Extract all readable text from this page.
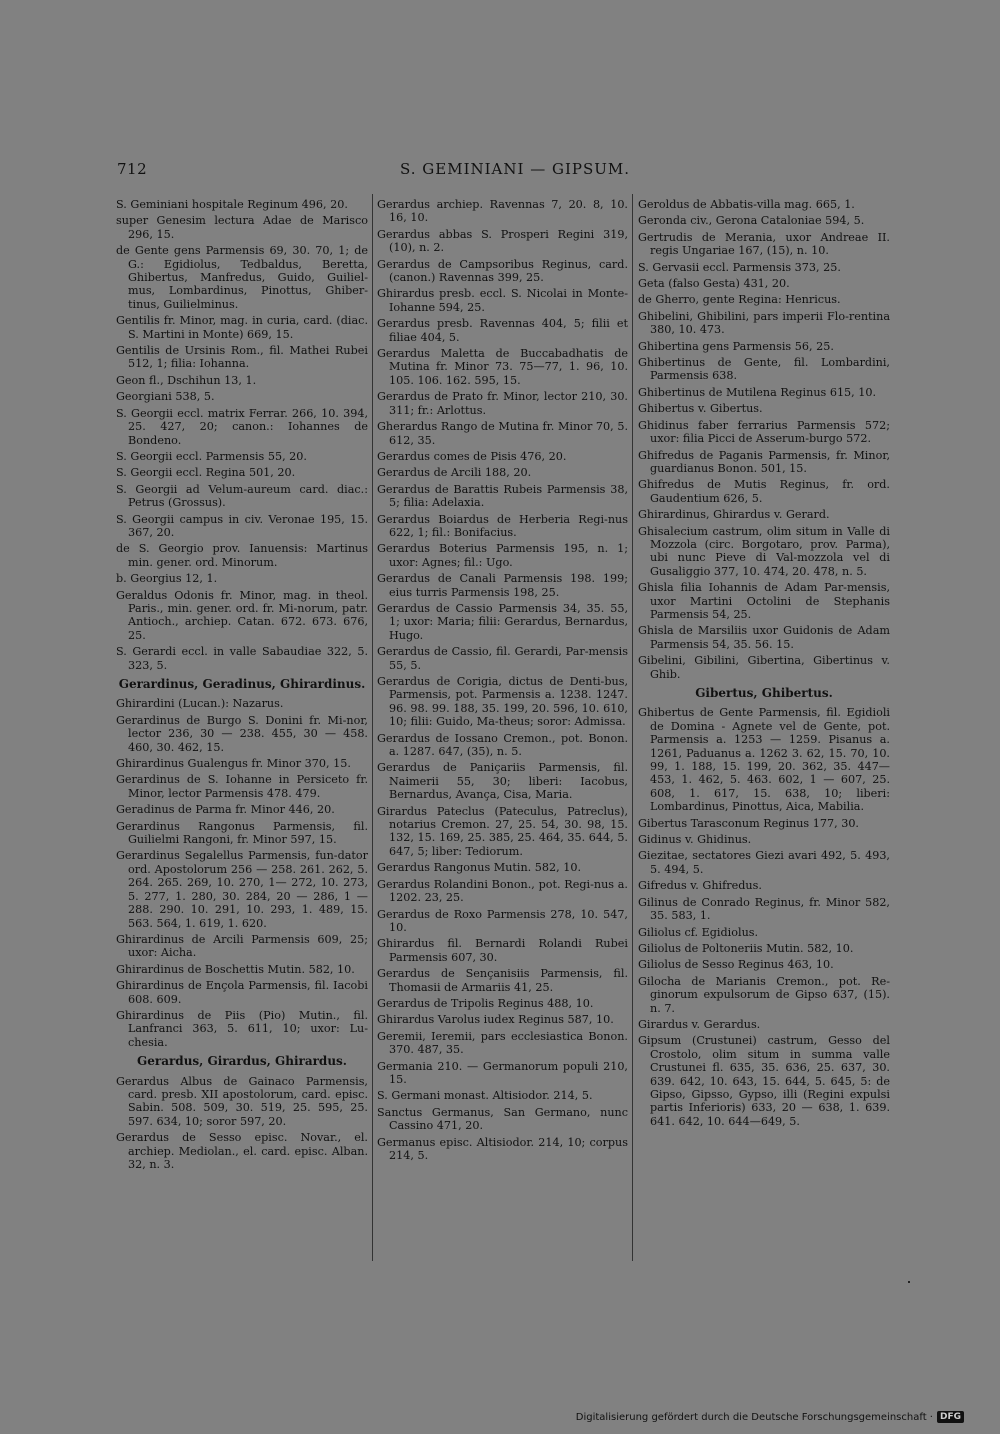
712	S. GEMINIANI — GIPSUM.
S. Geminiani hospitale Reginum 496, 20.
super Genesim lectura Adae de Marisco 296, 15.
de Gente gens Parmensis 69, 30. 70, 1; de G.: Egidiolus, Tedbaldus, Beretta, Ghibertus, Manfredus, Guido, Guiliel-mus, Lombardinus, Pinottus, Ghiber-tinus, Guilielminus.
Gentilis fr. Minor, mag. in curia, card. (diac. S. Martini in Monte) 669, 15.
Gentilis de Ursinis Rom., fil. Mathei Rubei 512, 1; filia: Iohanna.
Geon fl., Dschihun 13, 1.
Georgiani 538, 5.
S. Georgii eccl. matrix Ferrar. 266, 10. 394, 25. 427, 20; canon.: Iohannes de Bondeno.
S. Georgii eccl. Parmensis 55, 20.
S. Georgii eccl. Regina 501, 20.
S. Georgii ad Velum-aureum card. diac.: Petrus (Grossus).
S. Georgii campus in civ. Veronae 195, 15. 367, 20.
de S. Georgio prov. Ianuensis: Martinus min. gener. ord. Minorum.
b. Georgius 12, 1.
Geraldus Odonis fr. Minor, mag. in theol. Paris., min. gener. ord. fr. Mi-norum, patr. Antioch., archiep. Catan. 672. 673. 676, 25.
S. Gerardi eccl. in valle Sabaudiae 322, 5. 323, 5.
Gerardinus, Geradinus, Ghirardinus.
Ghirardini (Lucan.): Nazarus.
Gerardinus de Burgo S. Donini fr. Mi-nor, lector 236, 30 — 238. 455, 30 — 458. 460, 30. 462, 15.
Ghirardinus Gualengus fr. Minor 370, 15.
Gerardinus de S. Iohanne in Persiceto fr. Minor, lector Parmensis 478. 479.
Geradinus de Parma fr. Minor 446, 20.
Gerardinus Rangonus Parmensis, fil. Guilielmi Rangoni, fr. Minor 597, 15.
Gerardinus Segalellus Parmensis, fun-dator ord. Apostolorum 256 — 258. 261. 262, 5. 264. 265. 269, 10. 270, 1— 272, 10. 273, 5. 277, 1. 280, 30. 284, 20 — 286, 1 — 288. 290. 10. 291, 10. 293, 1. 489, 15. 563. 564, 1. 619, 1. 620.
Ghirardinus de Arcili Parmensis 609, 25; uxor: Aicha.
Ghirardinus de Boschettis Mutin. 582, 10.
Ghirardinus de Ençola Parmensis, fil. Iacobi 608. 609.
Ghirardinus de Piis (Pio) Mutin., fil. Lanfranci 363, 5. 611, 10; uxor: Lu-chesia.
Gerardus, Girardus, Ghirardus.
Gerardus Albus de Gainaco Parmensis, card. presb. XII apostolorum, card. episc. Sabin. 508. 509, 30. 519, 25. 595, 25. 597. 634, 10; soror 597, 20.
Gerardus de Sesso episc. Novar., el. archiep. Mediolan., el. card. episc. Alban. 32, n. 3.
Gerardus archiep. Ravennas 7, 20. 8, 10. 16, 10.
Gerardus abbas S. Prosperi Regini 319, (10), n. 2.
Gerardus de Campsoribus Reginus, card. (canon.) Ravennas 399, 25.
Ghirardus presb. eccl. S. Nicolai in Monte-Iohanne 594, 25.
Gerardus presb. Ravennas 404, 5; filii et filiae 404, 5.
Gerardus Maletta de Buccabadhatis de Mutina fr. Minor 73. 75—77, 1. 96, 10. 105. 106. 162. 595, 15.
Gerardus de Prato fr. Minor, lector 210, 30. 311; fr.: Arlottus.
Gherardus Rango de Mutina fr. Minor 70, 5. 612, 35.
Gerardus comes de Pisis 476, 20.
Gerardus de Arcili 188, 20.
Gerardus de Barattis Rubeis Parmensis 38, 5; filia: Adelaxia.
Gerardus Boiardus de Herberia Regi-nus 622, 1; fil.: Bonifacius.
Gerardus Boterius Parmensis 195, n. 1; uxor: Agnes; fil.: Ugo.
Gerardus de Canali Parmensis 198. 199; eius turris Parmensis 198, 25.
Gerardus de Cassio Parmensis 34, 35. 55, 1; uxor: Maria; filii: Gerardus, Bernardus, Hugo.
Gerardus de Cassio, fil. Gerardi, Par-mensis 55, 5.
Gerardus de Corigia, dictus de Denti-bus, Parmensis, pot. Parmensis a. 1238. 1247. 96. 98. 99. 188, 35. 199, 20. 596, 10. 610, 10; filii: Guido, Ma-theus; soror: Admissa.
Gerardus de Iossano Cremon., pot. Bonon. a. 1287. 647, (35), n. 5.
Gerardus de Paniçariis Parmensis, fil. Naimerii 55, 30; liberi: Iacobus, Bernardus, Avança, Cisa, Maria.
Girardus Pateclus (Pateculus, Patreclus), notarius Cremon. 27, 25. 54, 30. 98, 15. 132, 15. 169, 25. 385, 25. 464, 35. 644, 5. 647, 5; liber: Tediorum.
Gerardus Rangonus Mutin. 582, 10.
Gerardus Rolandini Bonon., pot. Regi-nus a. 1202. 23, 25.
Gerardus de Roxo Parmensis 278, 10. 547, 10.
Ghirardus fil. Bernardi Rolandi Rubei Parmensis 607, 30.
Gerardus de Sençanisiis Parmensis, fil. Thomasii de Armariis 41, 25.
Gerardus de Tripolis Reginus 488, 10.
Ghirardus Varolus iudex Reginus 587, 10.
Geremii, Ieremii, pars ecclesiastica Bonon. 370. 487, 35.
Germania 210. — Germanorum populi 210, 15.
S. Germani monast. Altisiodor. 214, 5.
Sanctus Germanus, San Germano, nunc Cassino 471, 20.
Germanus episc. Altisiodor. 214, 10; corpus 214, 5.
Geroldus de Abbatis-villa mag. 665, 1.
Geronda civ., Gerona Cataloniae 594, 5.
Gertrudis de Merania, uxor Andreae II. regis Ungariae 167, (15), n. 10.
S. Gervasii eccl. Parmensis 373, 25.
Geta (falso Gesta) 431, 20.
de Gherro, gente Regina: Henricus.
Ghibelini, Ghibilini, pars imperii Flo-rentina 380, 10. 473.
Ghibertina gens Parmensis 56, 25.
Ghibertinus de Gente, fil. Lombardini, Parmensis 638.
Ghibertinus de Mutilena Reginus 615, 10.
Ghibertus v. Gibertus.
Ghidinus faber ferrarius Parmensis 572; uxor: filia Picci de Asserum-burgo 572.
Ghifredus de Paganis Parmensis, fr. Minor, guardianus Bonon. 501, 15.
Ghifredus de Mutis Reginus, fr. ord. Gaudentium 626, 5.
Ghirardinus, Ghirardus v. Gerard.
Ghisalecium castrum, olim situm in Valle di Mozzola (circ. Borgotaro, prov. Parma), ubi nunc Pieve di Val-mozzola vel di Gusaliggio 377, 10. 474, 20. 478, n. 5.
Ghisla filia Iohannis de Adam Par-mensis, uxor Martini Octolini de Stephanis Parmensis 54, 25.
Ghisla de Marsiliis uxor Guidonis de Adam Parmensis 54, 35. 56. 15.
Gibelini, Gibilini, Gibertina, Gibertinus v. Ghib.
Gibertus, Ghibertus.
Ghibertus de Gente Parmensis, fil. Egidioli de Domina - Agnete vel de Gente, pot. Parmensis a. 1253 — 1259. Pisanus a. 1261, Paduanus a. 1262 3. 62, 15. 70, 10. 99, 1. 188, 15. 199, 20. 362, 35. 447—453, 1. 462, 5. 463. 602, 1 — 607, 25. 608, 1. 617, 15. 638, 10; liberi: Lombardinus, Pinottus, Aica, Mabilia.
Gibertus Tarasconum Reginus 177, 30.
Gidinus v. Ghidinus.
Giezitae, sectatores Giezi avari 492, 5. 493, 5. 494, 5.
Gifredus v. Ghifredus.
Gilinus de Conrado Reginus, fr. Minor 582, 35. 583, 1.
Giliolus cf. Egidiolus.
Giliolus de Poltoneriis Mutin. 582, 10.
Giliolus de Sesso Reginus 463, 10.
Gilocha de Marianis Cremon., pot. Re-ginorum expulsorum de Gipso 637, (15). n. 7.
Girardus v. Gerardus.
Gipsum (Crustunei) castrum, Gesso del Crostolo, olim situm in summa valle Crustunei fl. 635, 35. 636, 25. 637, 30. 639. 642, 10. 643, 15. 644, 5. 645, 5: de Gipso, Gipsso, Gypso, illi (Regini expulsi partis Inferioris) 633, 20 — 638, 1. 639. 641. 642, 10. 644—649, 5.
Digitalisierung gefördert durch die Deutsche Forschungsgemeinschaft · DFG
